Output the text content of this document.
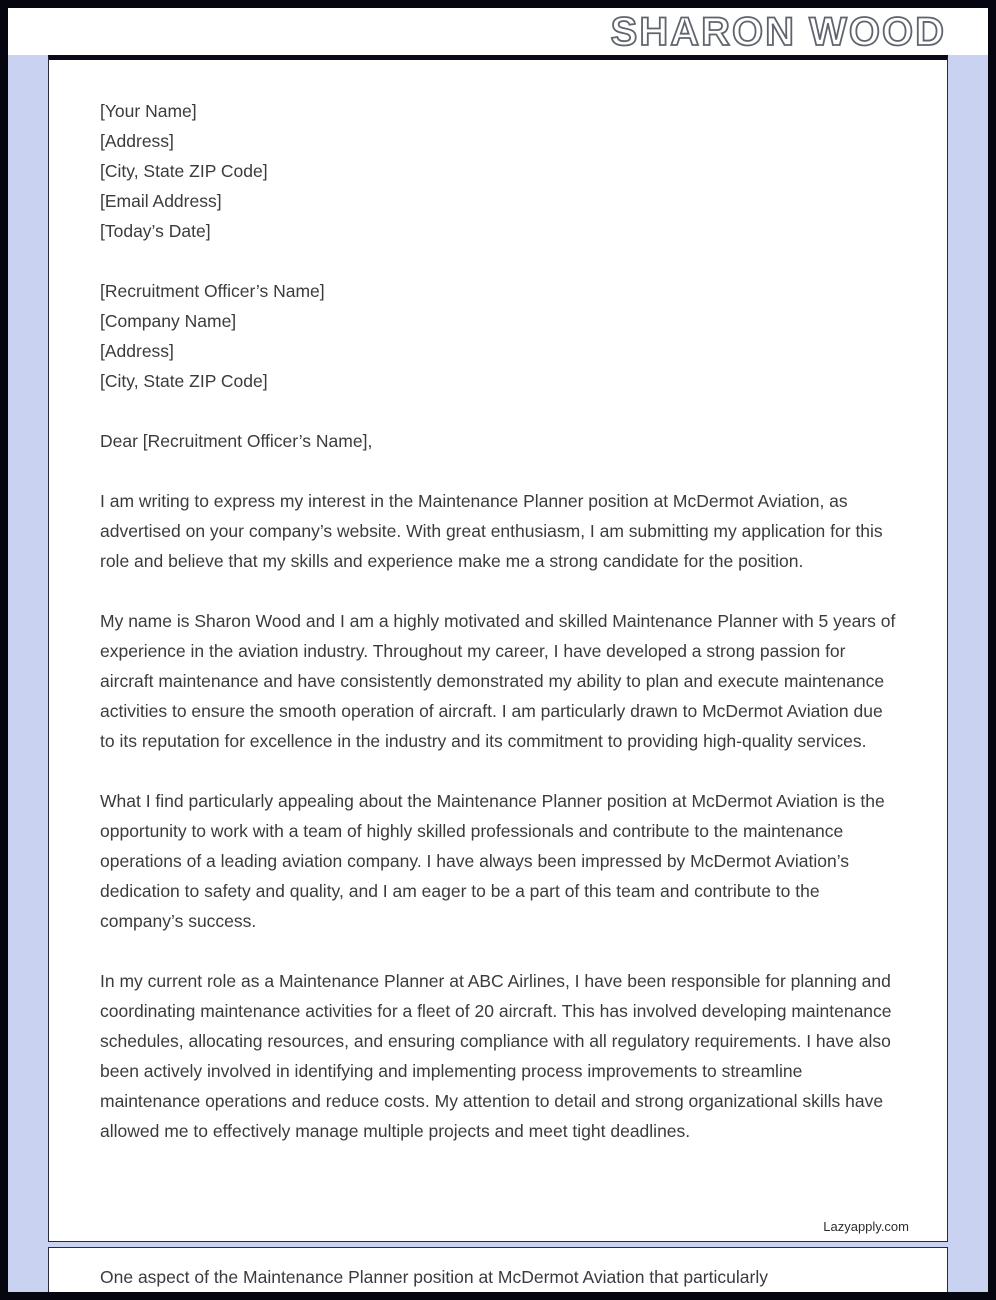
SHARON WOOD
[Your Name]
[Address]
[City, State ZIP Code]
[Email Address]
[Today’s Date]
[Recruitment Officer’s Name]
[Company Name]
[Address]
[City, State ZIP Code]
Dear [Recruitment Officer’s Name],

I am writing to express my interest in the Maintenance Planner position at McDermot Aviation, as advertised on your company’s website. With great enthusiasm, I am submitting my application for this role and believe that my skills and experience make me a strong candidate for the position.

My name is Sharon Wood and I am a highly motivated and skilled Maintenance Planner with 5 years of experience in the aviation industry. Throughout my career, I have developed a strong passion for aircraft maintenance and have consistently demonstrated my ability to plan and execute maintenance activities to ensure the smooth operation of aircraft. I am particularly drawn to McDermot Aviation due to its reputation for excellence in the industry and its commitment to providing high-quality services.

What I find particularly appealing about the Maintenance Planner position at McDermot Aviation is the opportunity to work with a team of highly skilled professionals and contribute to the maintenance operations of a leading aviation company. I have always been impressed by McDermot Aviation’s dedication to safety and quality, and I am eager to be a part of this team and contribute to the company’s success.

In my current role as a Maintenance Planner at ABC Airlines, I have been responsible for planning and coordinating maintenance activities for a fleet of 20 aircraft. This has involved developing maintenance schedules, allocating resources, and ensuring compliance with all regulatory requirements. I have also been actively involved in identifying and implementing process improvements to streamline maintenance operations and reduce costs. My attention to detail and strong organizational skills have allowed me to effectively manage multiple projects and meet tight deadlines.

Lazyapply.com
One aspect of the Maintenance Planner position at McDermot Aviation that particularly
